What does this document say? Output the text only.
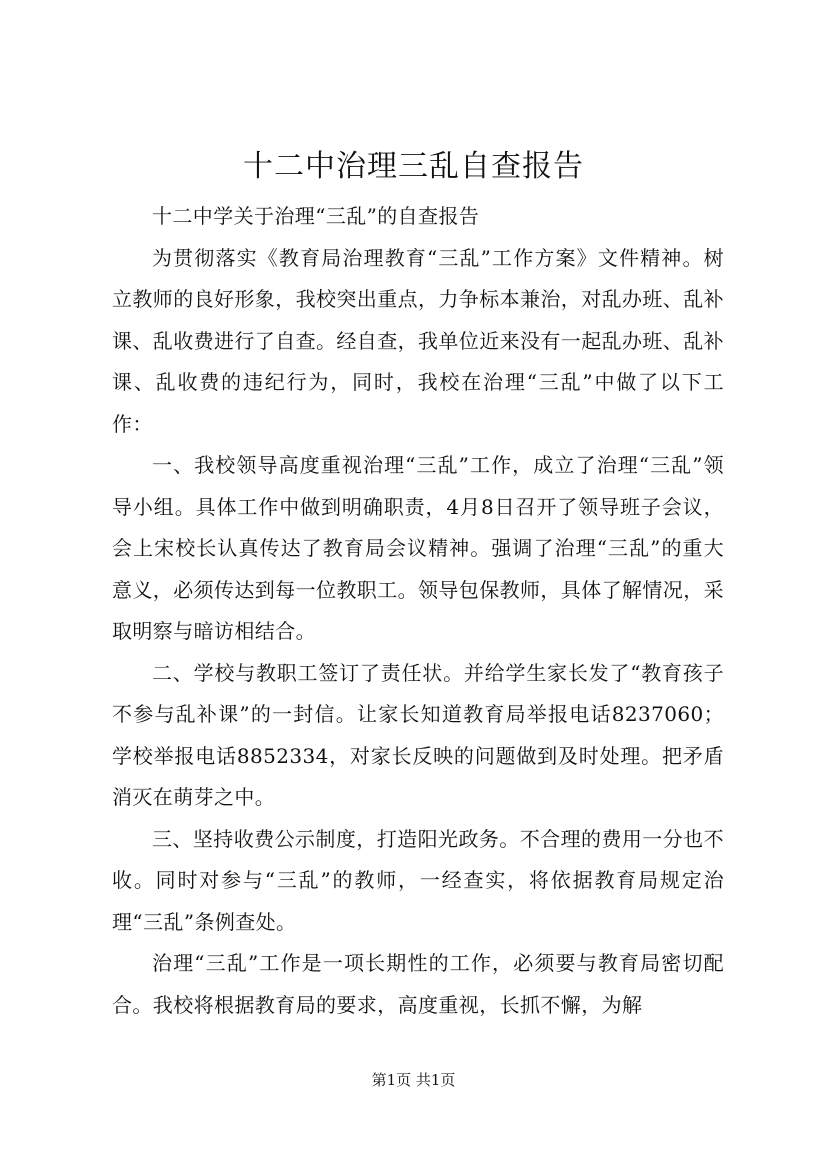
十二中治理三乱自查报告

十二中学关于治理“三乱”的自查报告

为贯彻落实《教育局治理教育“三乱”工作方案》文件精神。树立教师的良好形象，我校突出重点，力争标本兼治，对乱办班、乱补课、乱收费进行了自查。经自查，我单位近来没有一起乱办班、乱补课、乱收费的违纪行为，同时，我校在治理“三乱”中做了以下工作：

一、我校领导高度重视治理“三乱”工作，成立了治理“三乱”领导小组。具体工作中做到明确职责，4月8日召开了领导班子会议，会上宋校长认真传达了教育局会议精神。强调了治理“三乱”的重大意义，必须传达到每一位教职工。领导包保教师，具体了解情况，采取明察与暗访相结合。

二、学校与教职工签订了责任状。并给学生家长发了“教育孩子不参与乱补课”的一封信。让家长知道教育局举报电话8237060；学校举报电话8852334，对家长反映的问题做到及时处理。把矛盾消灭在萌芽之中。

三、坚持收费公示制度，打造阳光政务。不合理的费用一分也不收。同时对参与“三乱”的教师，一经查实，将依据教育局规定治理“三乱”条例查处。

治理“三乱”工作是一项长期性的工作，必须要与教育局密切配合。我校将根据教育局的要求，高度重视，长抓不懈，为解

第1页 共1页
